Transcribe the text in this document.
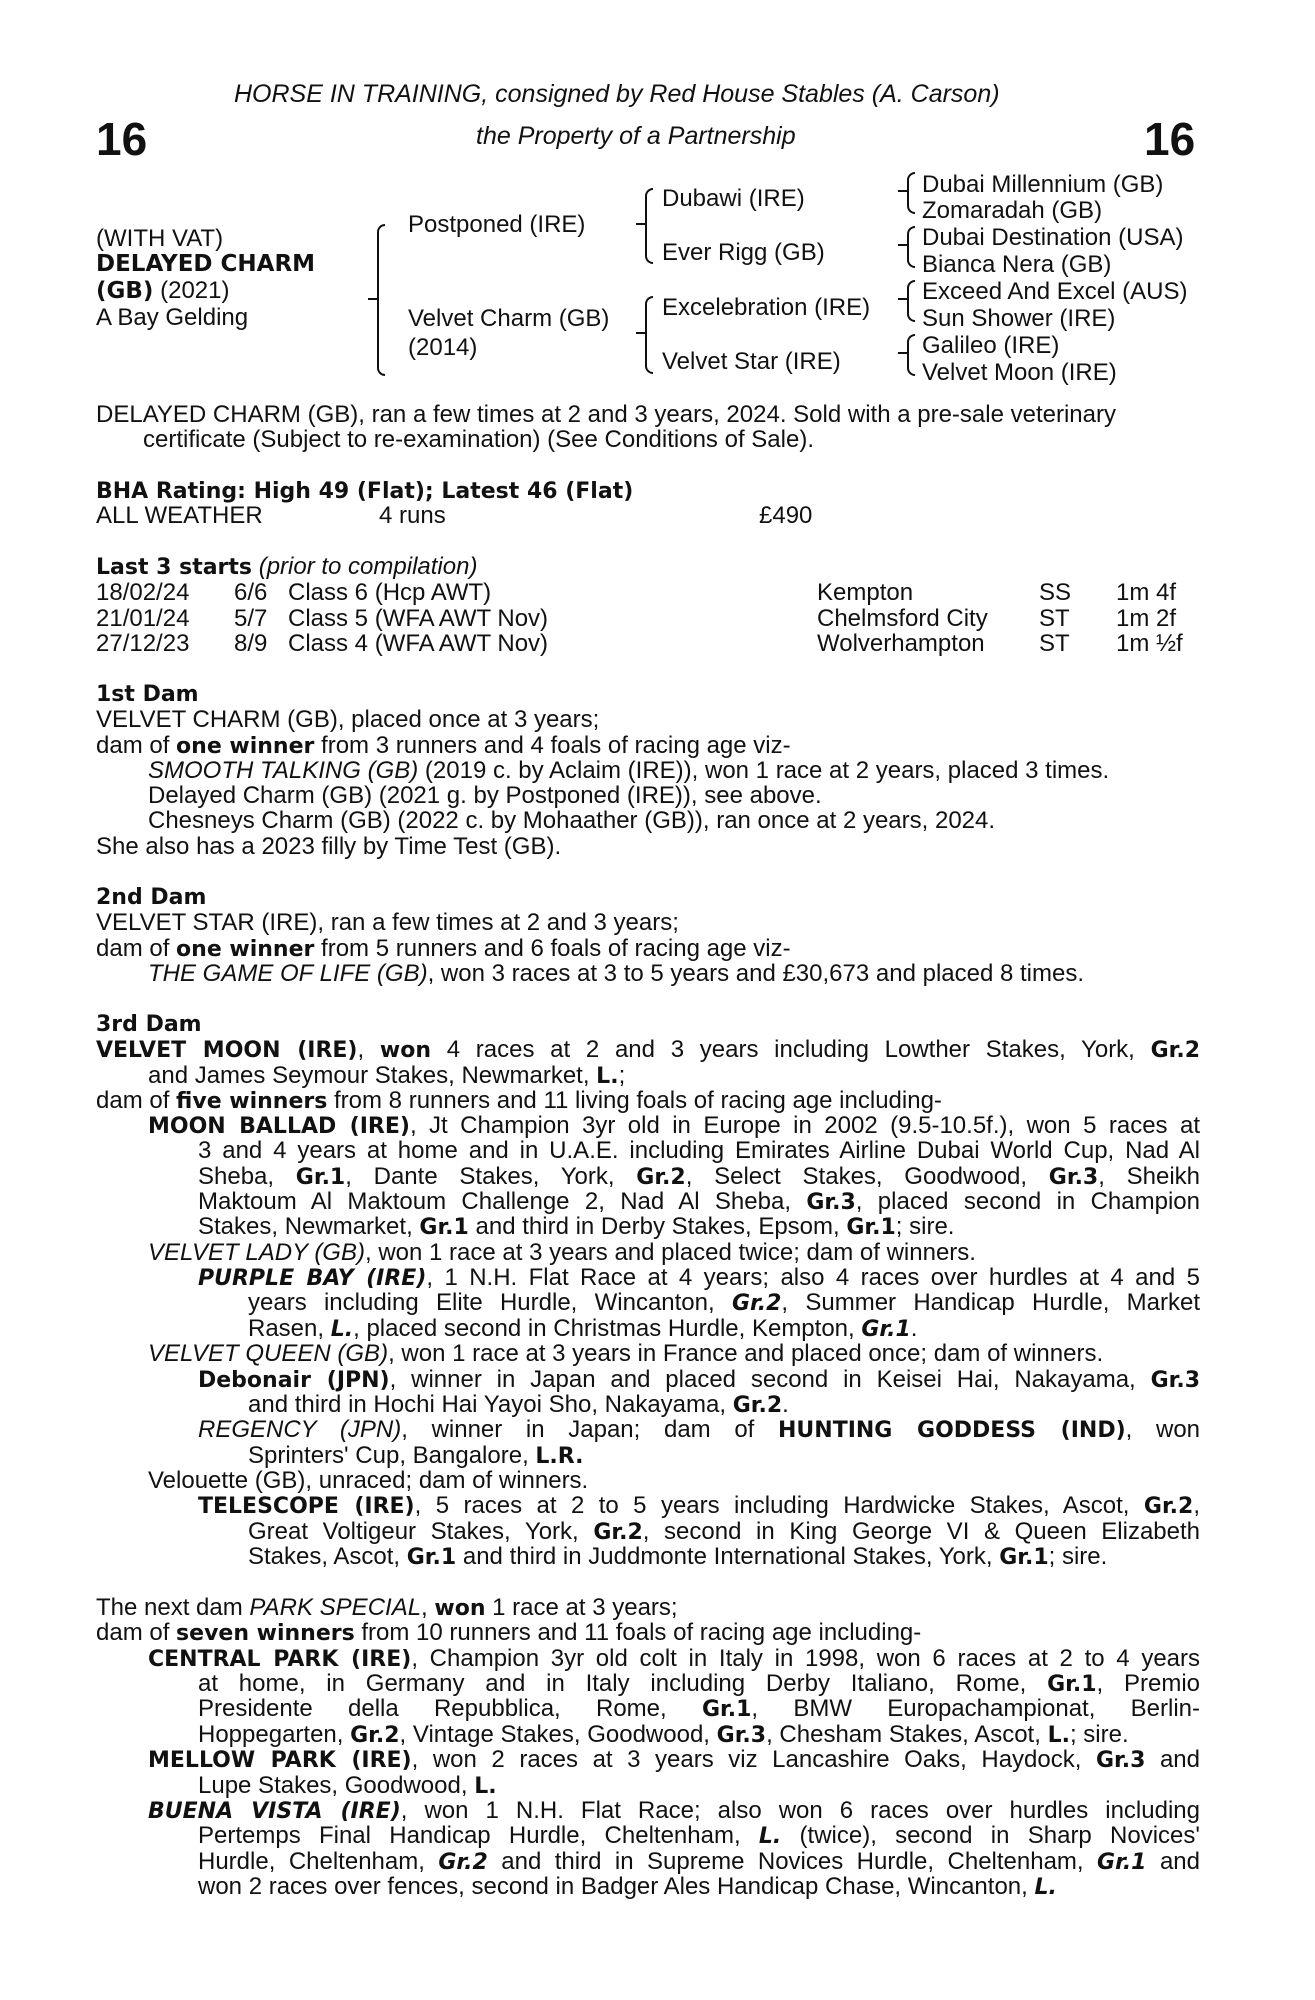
HORSE IN TRAINING, consigned by Red House Stables (A. Carson)
the Property of a Partnership
16	16
(WITH VAT)
DELAYED CHARM
(GB) (2021)
A Bay Gelding
Postponed (IRE)
Velvet Charm (GB)
(2014)
Dubawi (IRE)
Ever Rigg (GB)
Excelebration (IRE)
Velvet Star (IRE)
Dubai Millennium (GB)
Zomaradah (GB)
Dubai Destination (USA)
Bianca Nera (GB)
Exceed And Excel (AUS)
Sun Shower (IRE)
Galileo (IRE)
Velvet Moon (IRE)
DELAYED CHARM (GB), ran a few times at 2 and 3 years, 2024. Sold with a pre-sale veterinary
certificate (Subject to re-examination) (See Conditions of Sale).
BHA Rating: High 49 (Flat); Latest 46 (Flat)
ALL WEATHER	4 runs	£490
Last 3 starts (prior to compilation)
18/02/24 6/6 Class 6 (Hcp AWT)	Kempton	SS 1m 4f
21/01/24 5/7 Class 5 (WFA AWT Nov)	Chelmsford City ST 1m 2f
27/12/23 8/9 Class 4 (WFA AWT Nov)	Wolverhampton ST 1m ½f
1st Dam
VELVET CHARM (GB), placed once at 3 years;
dam of one winner from 3 runners and 4 foals of racing age viz-
SMOOTH TALKING (GB) (2019 c. by Aclaim (IRE)), won 1 race at 2 years, placed 3 times.
Delayed Charm (GB) (2021 g. by Postponed (IRE)), see above.
Chesneys Charm (GB) (2022 c. by Mohaather (GB)), ran once at 2 years, 2024.
She also has a 2023 filly by Time Test (GB).
2nd Dam
VELVET STAR (IRE), ran a few times at 2 and 3 years;
dam of one winner from 5 runners and 6 foals of racing age viz-
THE GAME OF LIFE (GB), won 3 races at 3 to 5 years and £30,673 and placed 8 times.
3rd Dam
VELVET MOON (IRE), won 4 races at 2 and 3 years including Lowther Stakes, York, Gr.2
and James Seymour Stakes, Newmarket, L.;
dam of five winners from 8 runners and 11 living foals of racing age including-
MOON BALLAD (IRE), Jt Champion 3yr old in Europe in 2002 (9.5-10.5f.), won 5 races at
3 and 4 years at home and in U.A.E. including Emirates Airline Dubai World Cup, Nad Al
Sheba, Gr.1, Dante Stakes, York, Gr.2, Select Stakes, Goodwood, Gr.3, Sheikh
Maktoum Al Maktoum Challenge 2, Nad Al Sheba, Gr.3, placed second in Champion
Stakes, Newmarket, Gr.1 and third in Derby Stakes, Epsom, Gr.1; sire.
VELVET LADY (GB), won 1 race at 3 years and placed twice; dam of winners.
PURPLE BAY (IRE), 1 N.H. Flat Race at 4 years; also 4 races over hurdles at 4 and 5
years including Elite Hurdle, Wincanton, Gr.2, Summer Handicap Hurdle, Market
Rasen, L., placed second in Christmas Hurdle, Kempton, Gr.1.
VELVET QUEEN (GB), won 1 race at 3 years in France and placed once; dam of winners.
Debonair (JPN), winner in Japan and placed second in Keisei Hai, Nakayama, Gr.3
and third in Hochi Hai Yayoi Sho, Nakayama, Gr.2.
REGENCY (JPN), winner in Japan; dam of HUNTING GODDESS (IND), won
Sprinters' Cup, Bangalore, L.R.
Velouette (GB), unraced; dam of winners.
TELESCOPE (IRE), 5 races at 2 to 5 years including Hardwicke Stakes, Ascot, Gr.2,
Great Voltigeur Stakes, York, Gr.2, second in King George VI & Queen Elizabeth
Stakes, Ascot, Gr.1 and third in Juddmonte International Stakes, York, Gr.1; sire.
The next dam PARK SPECIAL, won 1 race at 3 years;
dam of seven winners from 10 runners and 11 foals of racing age including-
CENTRAL PARK (IRE), Champion 3yr old colt in Italy in 1998, won 6 races at 2 to 4 years
at home, in Germany and in Italy including Derby Italiano, Rome, Gr.1, Premio
Presidente della Repubblica, Rome, Gr.1, BMW Europachampionat, Berlin-
Hoppegarten, Gr.2, Vintage Stakes, Goodwood, Gr.3, Chesham Stakes, Ascot, L.; sire.
MELLOW PARK (IRE), won 2 races at 3 years viz Lancashire Oaks, Haydock, Gr.3 and
Lupe Stakes, Goodwood, L.
BUENA VISTA (IRE), won 1 N.H. Flat Race; also won 6 races over hurdles including
Pertemps Final Handicap Hurdle, Cheltenham, L. (twice), second in Sharp Novices'
Hurdle, Cheltenham, Gr.2 and third in Supreme Novices Hurdle, Cheltenham, Gr.1 and
won 2 races over fences, second in Badger Ales Handicap Chase, Wincanton, L.
